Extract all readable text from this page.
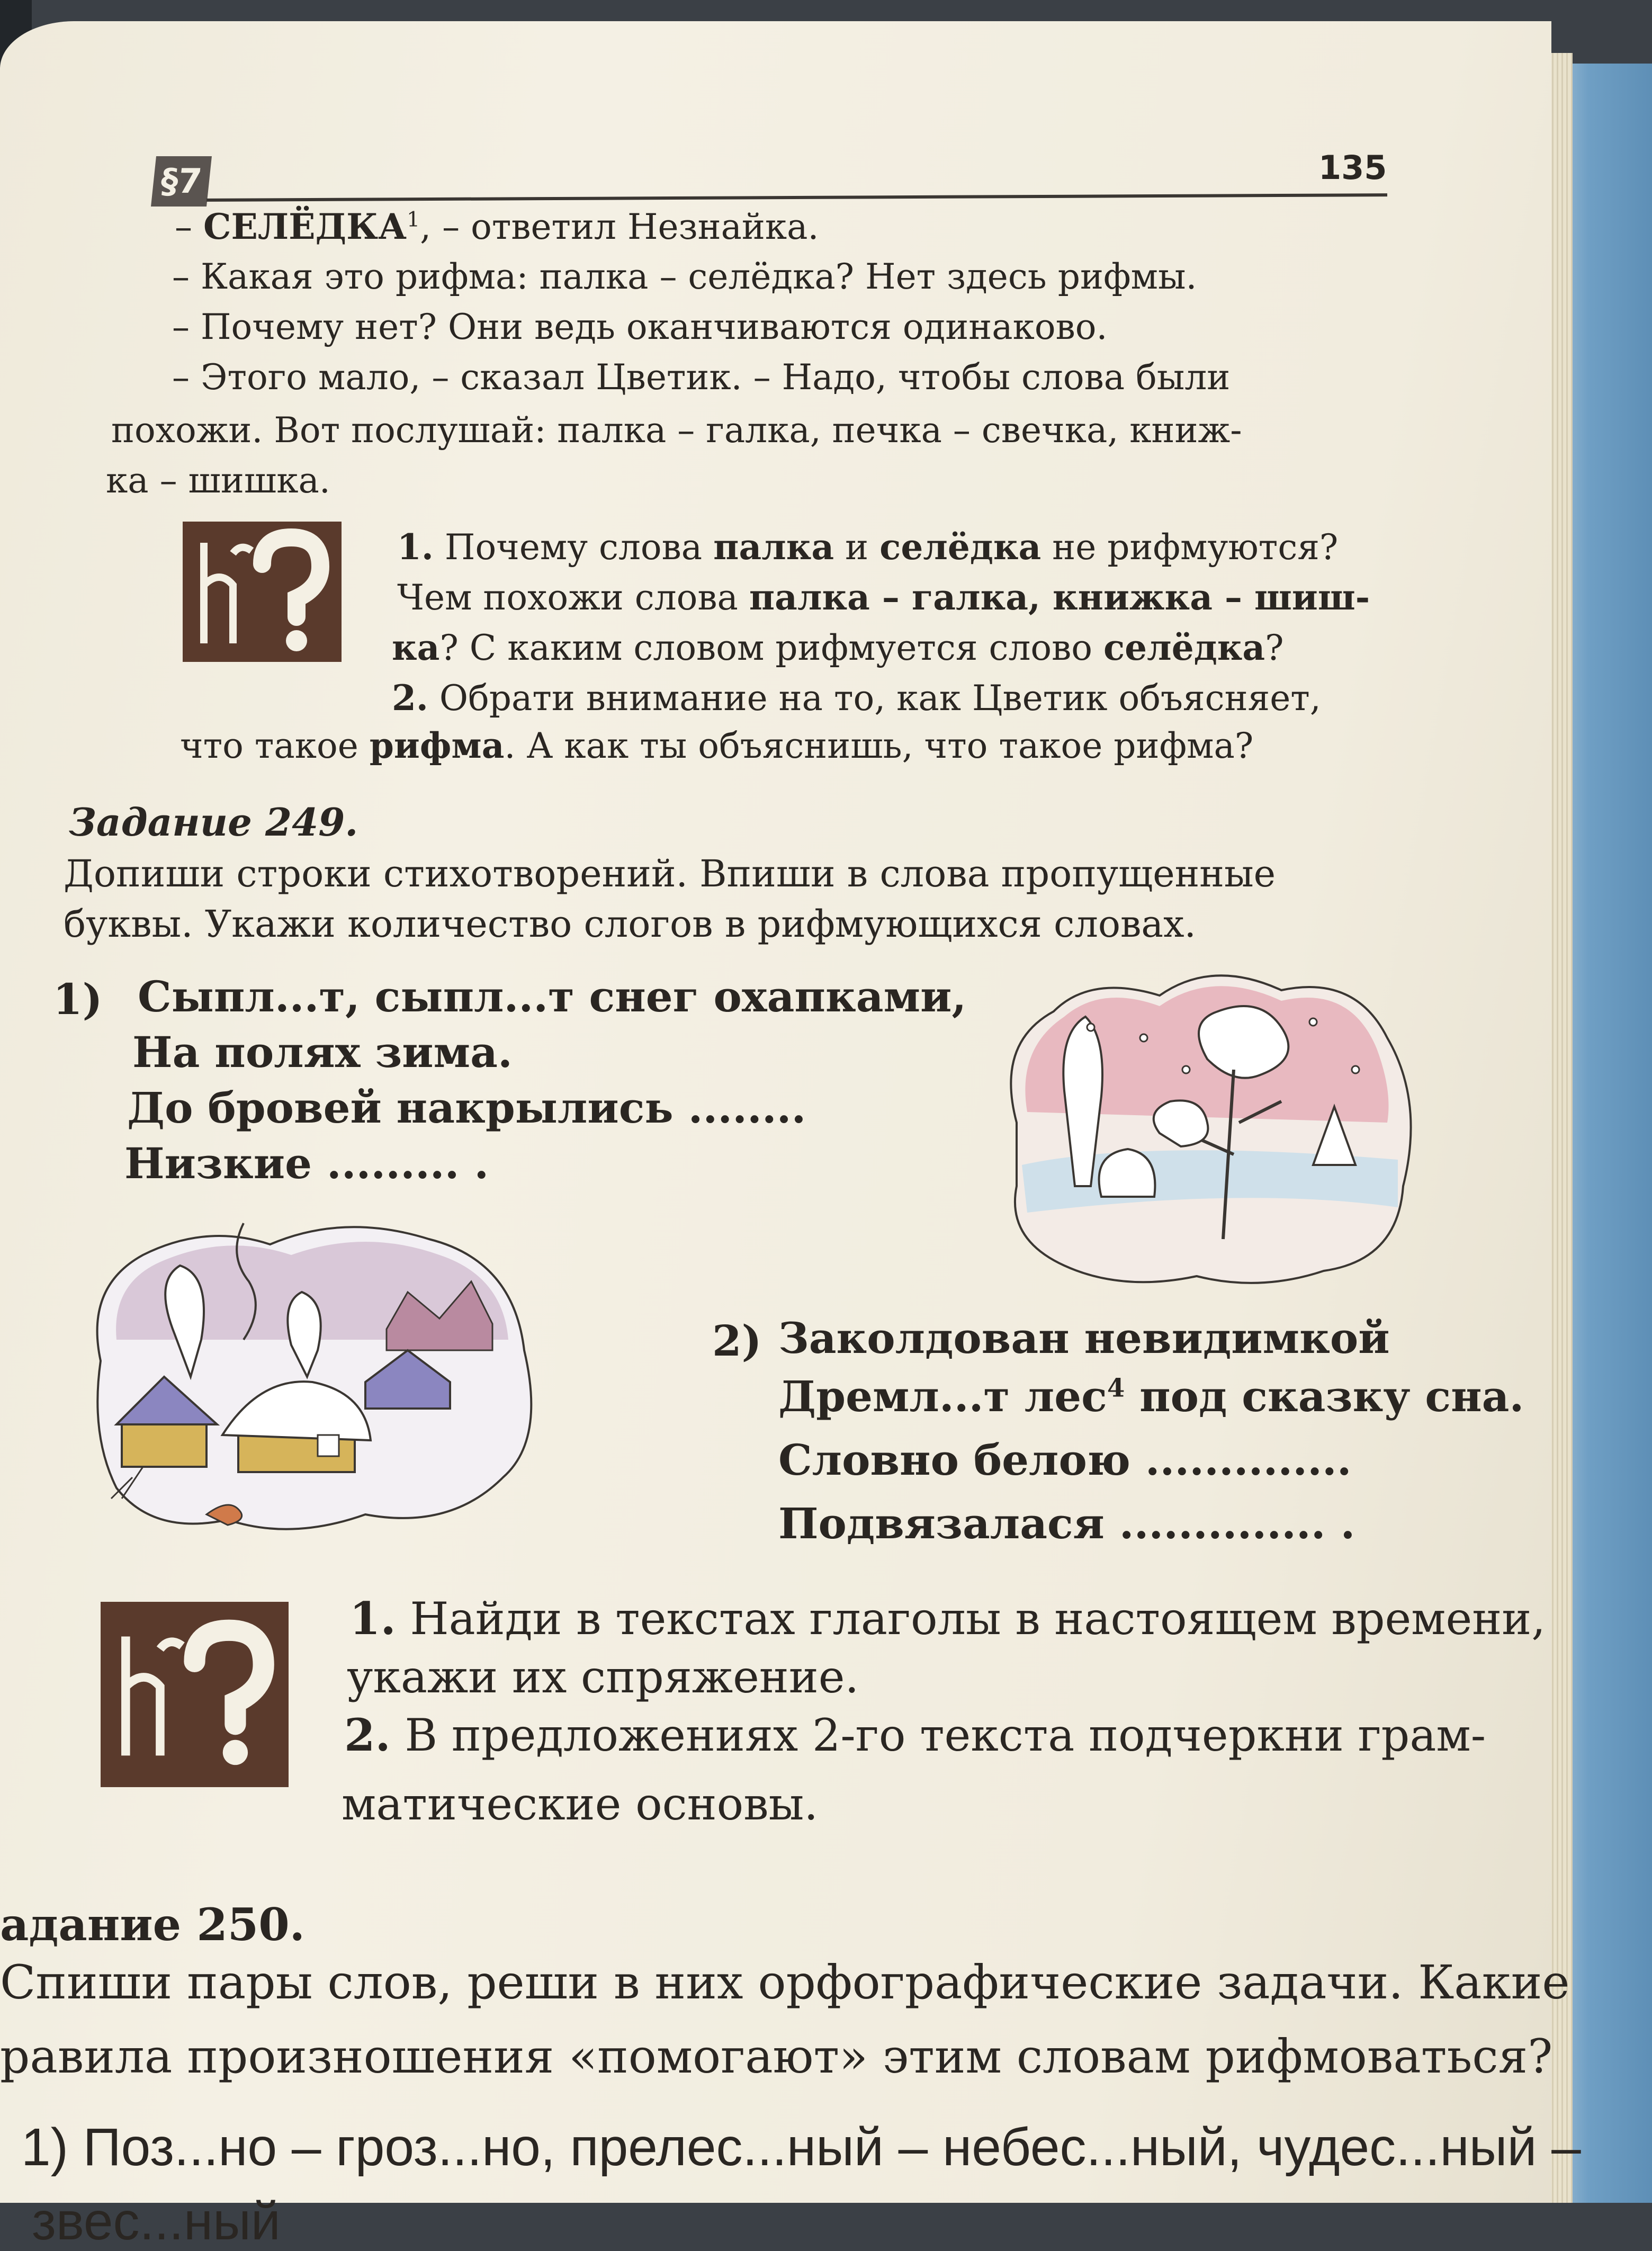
§7	135
– СЕЛЁДКА$^1$, – ответил Незнайка.
– Какая это рифма: палка – селёдка? Нет здесь рифмы.
– Почему нет? Они ведь оканчиваются одинаково.
– Этого мало, – сказал Цветик. – Надо, чтобы слова были
похожи. Вот послушай: палка – галка, печка – свечка, книж-
ка – шишка.
1. Почему слова палка и селёдка не рифмуются?
Чем похожи слова палка – галка, книжка – шиш-
ка? С каким словом рифмуется слово селёдка?
2. Обрати внимание на то, как Цветик объясняет,
что такое рифма. А как ты объяснишь, что такое рифма?
Задание 249.
Допиши строки стихотворений. Впиши в слова пропущенные
буквы. Укажи количество слогов в рифмующихся словах.
1) Сыпл...т, сыпл...т снег охапками,
На полях зима.
До бровей накрылись ........
Низкие ......... .
2) Заколдован невидимкой
Дремл...т лес$^4$ под сказку сна.
Словно белою ..............
Подвязалася .............. .
1. Найди в текстах глаголы в настоящем времени,
укажи их спряжение.
2. В предложениях 2-го текста подчеркни грам-
матические основы.
адание 250.
Спиши пары слов, реши в них орфографические задачи. Какие
равила произношения «помогают» этим словам рифмоваться?
1) Поз...но – гроз...но, прелес...ный – небес...ный, чудес...ный –
звес...ный
